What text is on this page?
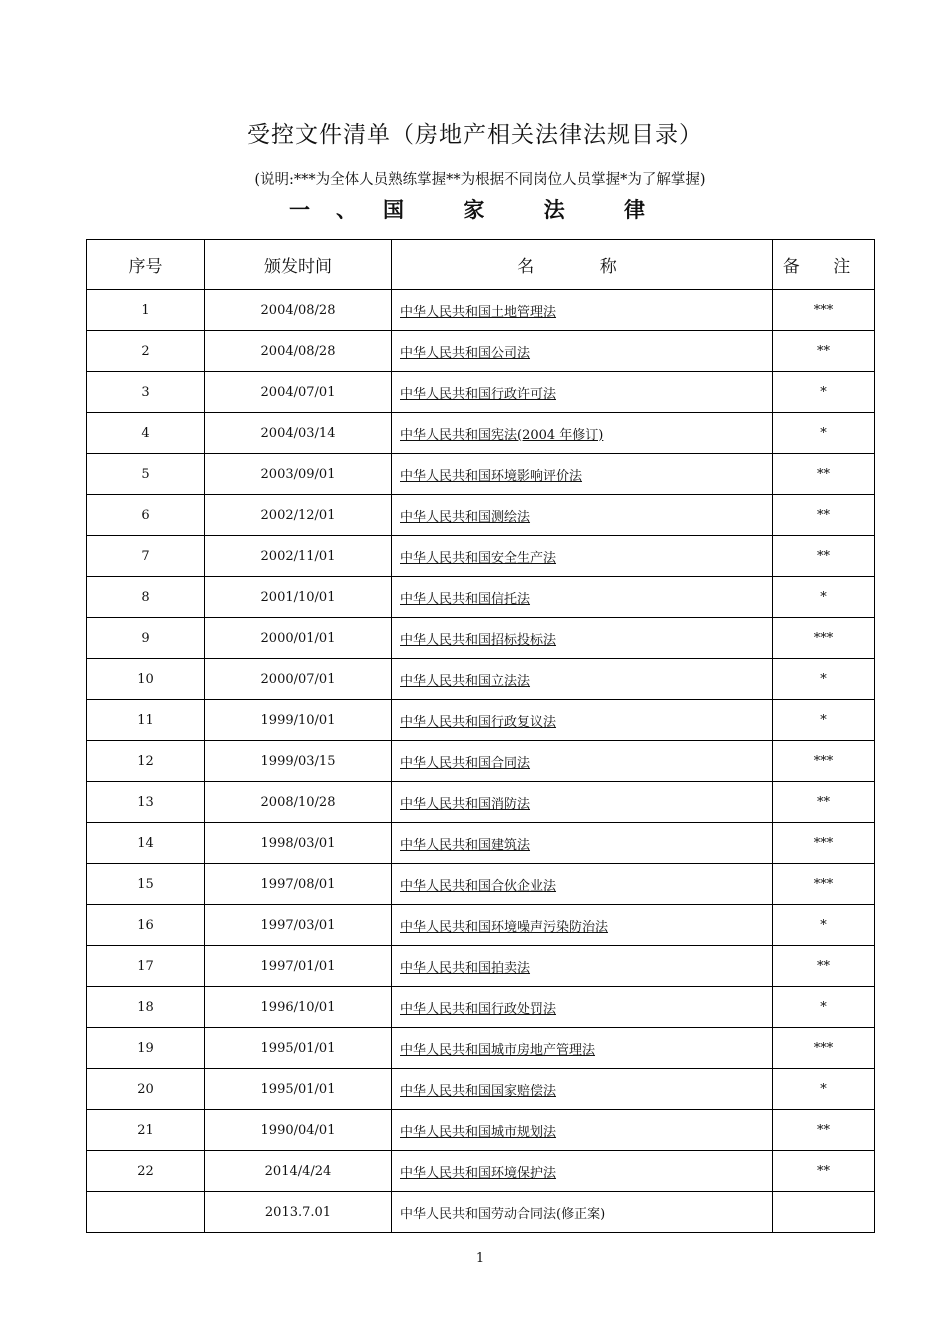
受控文件清单（房地产相关法律法规目录）
(说明:***为全体人员熟练掌握**为根据不同岗位人员掌握*为了解掌握)
一、国 家 法 律
序号	颁发时间	名 称	备 注
1	2004/08/28	中华人民共和国土地管理法	***
2	2004/08/28	中华人民共和国公司法	**
3	2004/07/01	中华人民共和国行政许可法	*
4	2004/03/14	中华人民共和国宪法(2004 年修订)	*
5	2003/09/01	中华人民共和国环境影响评价法	**
6	2002/12/01	中华人民共和国测绘法	**
7	2002/11/01	中华人民共和国安全生产法	**
8	2001/10/01	中华人民共和国信托法	*
9	2000/01/01	中华人民共和国招标投标法	***
10	2000/07/01	中华人民共和国立法法	*
11	1999/10/01	中华人民共和国行政复议法	*
12	1999/03/15	中华人民共和国合同法	***
13	2008/10/28	中华人民共和国消防法	**
14	1998/03/01	中华人民共和国建筑法	***
15	1997/08/01	中华人民共和国合伙企业法	***
16	1997/03/01	中华人民共和国环境噪声污染防治法	*
17	1997/01/01	中华人民共和国拍卖法	**
18	1996/10/01	中华人民共和国行政处罚法	*
19	1995/01/01	中华人民共和国城市房地产管理法	***
20	1995/01/01	中华人民共和国国家赔偿法	*
21	1990/04/01	中华人民共和国城市规划法	**
22	2014/4/24	中华人民共和国环境保护法	**
	2013.7.01	中华人民共和国劳动合同法(修正案)	
1
